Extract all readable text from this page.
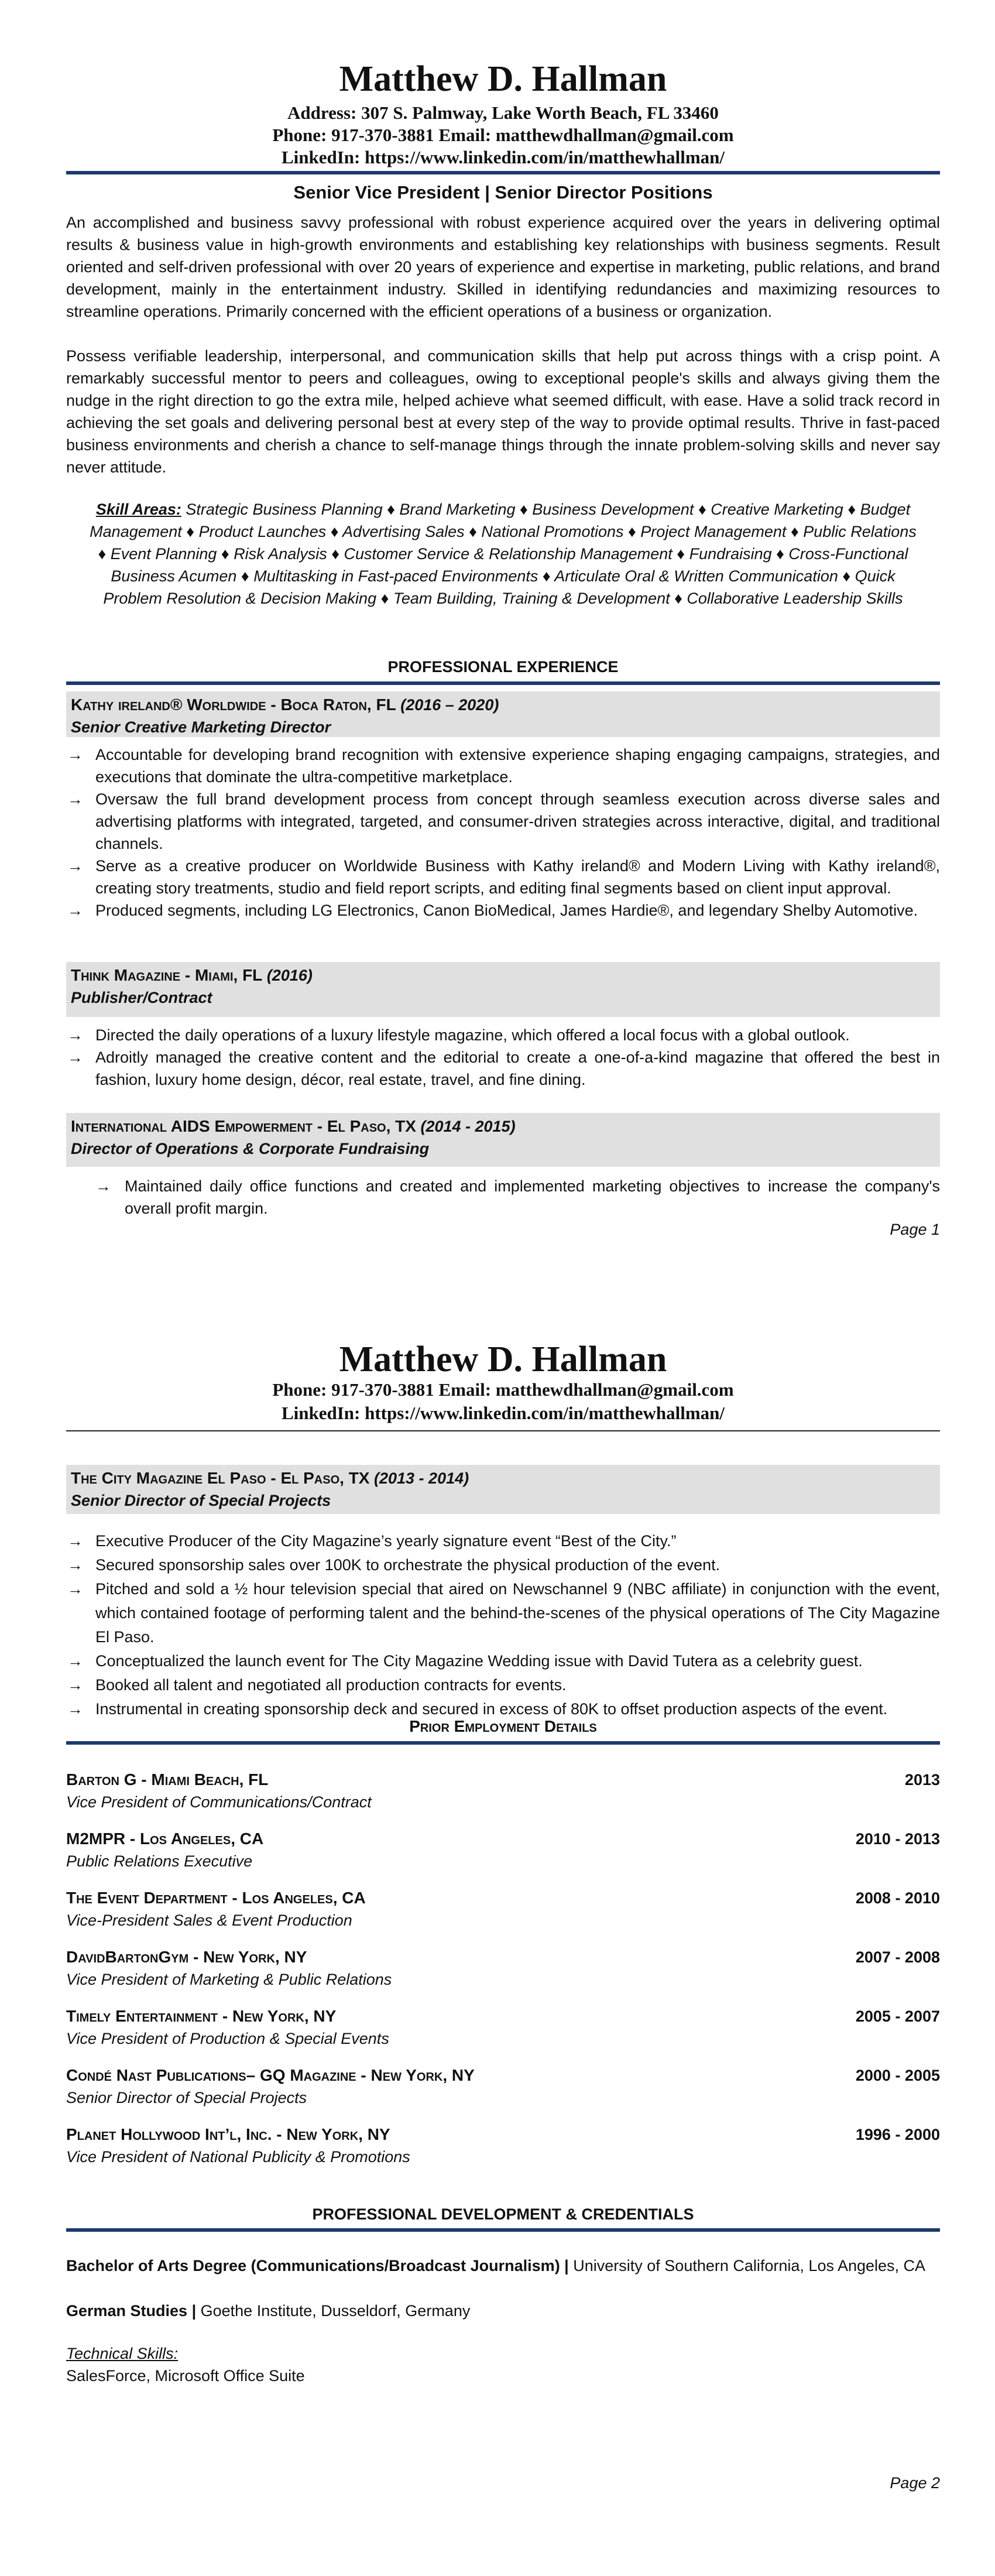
Matthew D. Hallman
Address: 307 S. Palmway, Lake Worth Beach, FL 33460
Phone: 917-370-3881 Email: matthewdhallman@gmail.com
LinkedIn: https://www.linkedin.com/in/matthewhallman/
Senior Vice President | Senior Director Positions
An accomplished and business savvy professional with robust experience acquired over the years in delivering optimal results & business value in high-growth environments and establishing key relationships with business segments. Result oriented and self-driven professional with over 20 years of experience and expertise in marketing, public relations, and brand development, mainly in the entertainment industry. Skilled in identifying redundancies and maximizing resources to streamline operations. Primarily concerned with the efficient operations of a business or organization.
Possess verifiable leadership, interpersonal, and communication skills that help put across things with a crisp point. A remarkably successful mentor to peers and colleagues, owing to exceptional people's skills and always giving them the nudge in the right direction to go the extra mile, helped achieve what seemed difficult, with ease. Have a solid track record in achieving the set goals and delivering personal best at every step of the way to provide optimal results. Thrive in fast-paced business environments and cherish a chance to self-manage things through the innate problem-solving skills and never say never attitude.
Skill Areas: Strategic Business Planning ♦ Brand Marketing ♦ Business Development ♦ Creative Marketing ♦ Budget Management ♦ Product Launches ♦ Advertising Sales ♦ National Promotions ♦ Project Management ♦ Public Relations ♦ Event Planning ♦ Risk Analysis ♦ Customer Service & Relationship Management ♦ Fundraising ♦ Cross-Functional Business Acumen ♦ Multitasking in Fast-paced Environments ♦ Articulate Oral & Written Communication ♦ Quick Problem Resolution & Decision Making ♦ Team Building, Training & Development ♦ Collaborative Leadership Skills
PROFESSIONAL EXPERIENCE
Kathy ireland® Worldwide - Boca Raton, FL (2016 – 2020)
Senior Creative Marketing Director
→ Accountable for developing brand recognition with extensive experience shaping engaging campaigns, strategies, and executions that dominate the ultra-competitive marketplace.
→ Oversaw the full brand development process from concept through seamless execution across diverse sales and advertising platforms with integrated, targeted, and consumer-driven strategies across interactive, digital, and traditional channels.
→ Serve as a creative producer on Worldwide Business with Kathy ireland® and Modern Living with Kathy ireland®, creating story treatments, studio and field report scripts, and editing final segments based on client input approval.
→ Produced segments, including LG Electronics, Canon BioMedical, James Hardie®, and legendary Shelby Automotive.
Think Magazine - Miami, FL (2016)
Publisher/Contract
→ Directed the daily operations of a luxury lifestyle magazine, which offered a local focus with a global outlook.
→ Adroitly managed the creative content and the editorial to create a one-of-a-kind magazine that offered the best in fashion, luxury home design, décor, real estate, travel, and fine dining.
International AIDS Empowerment - El Paso, TX (2014 - 2015)
Director of Operations & Corporate Fundraising
→ Maintained daily office functions and created and implemented marketing objectives to increase the company's overall profit margin.
Page 1
Matthew D. Hallman
Phone: 917-370-3881 Email: matthewdhallman@gmail.com
LinkedIn: https://www.linkedin.com/in/matthewhallman/
The City Magazine El Paso - El Paso, TX (2013 - 2014)
Senior Director of Special Projects
→ Executive Producer of the City Magazine’s yearly signature event “Best of the City.”
→ Secured sponsorship sales over 100K to orchestrate the physical production of the event.
→ Pitched and sold a ½ hour television special that aired on Newschannel 9 (NBC affiliate) in conjunction with the event, which contained footage of performing talent and the behind-the-scenes of the physical operations of The City Magazine El Paso.
→ Conceptualized the launch event for The City Magazine Wedding issue with David Tutera as a celebrity guest.
→ Booked all talent and negotiated all production contracts for events.
→ Instrumental in creating sponsorship deck and secured in excess of 80K to offset production aspects of the event.
Prior Employment Details
Barton G - Miami Beach, FL	2013
Vice President of Communications/Contract
M2MPR - Los Angeles, CA	2010 - 2013
Public Relations Executive
The Event Department - Los Angeles, CA	2008 - 2010
Vice-President Sales & Event Production
DavidBartonGym - New York, NY	2007 - 2008
Vice President of Marketing & Public Relations
Timely Entertainment - New York, NY	2005 - 2007
Vice President of Production & Special Events
Condé Nast Publications– GQ Magazine - New York, NY	2000 - 2005
Senior Director of Special Projects
Planet Hollywood Int’l, Inc. - New York, NY	1996 - 2000
Vice President of National Publicity & Promotions
PROFESSIONAL DEVELOPMENT & CREDENTIALS
Bachelor of Arts Degree (Communications/Broadcast Journalism) | University of Southern California, Los Angeles, CA
German Studies | Goethe Institute, Dusseldorf, Germany
Technical Skills:
SalesForce, Microsoft Office Suite
Page 2
